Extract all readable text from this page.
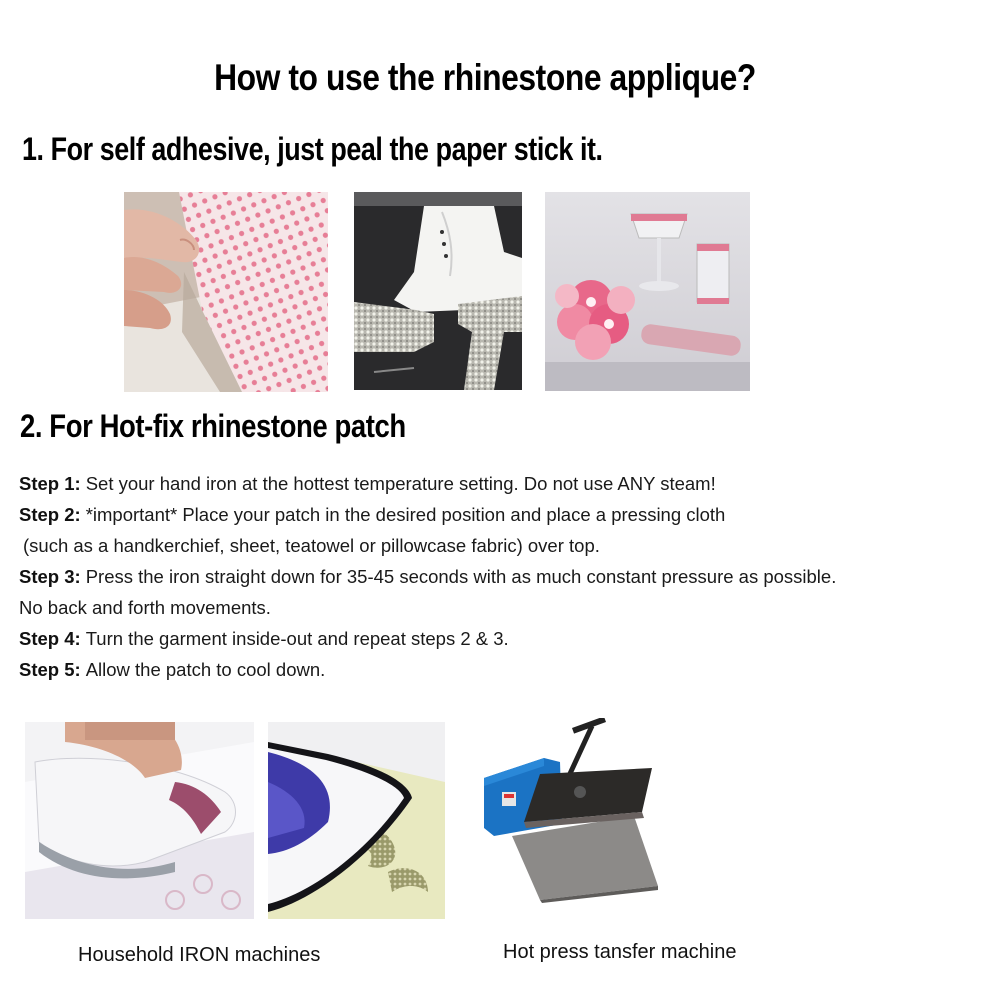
How to use the rhinestone applique?
1. For self adhesive, just peal the paper stick it.
2. For Hot-fix rhinestone patch
Step 1: Set your hand iron at the hottest temperature setting. Do not use ANY steam!
Step 2: *important* Place your patch in the desired position and place a pressing cloth
(such as a handkerchief, sheet, teatowel or pillowcase fabric) over top.
Step 3: Press the iron straight down for 35-45 seconds with as much constant pressure as possible.
No back and forth movements.
Step 4: Turn the garment inside-out and repeat steps 2 & 3.
Step 5: Allow the patch to cool down.
Household IRON machines	Hot press tansfer machine
